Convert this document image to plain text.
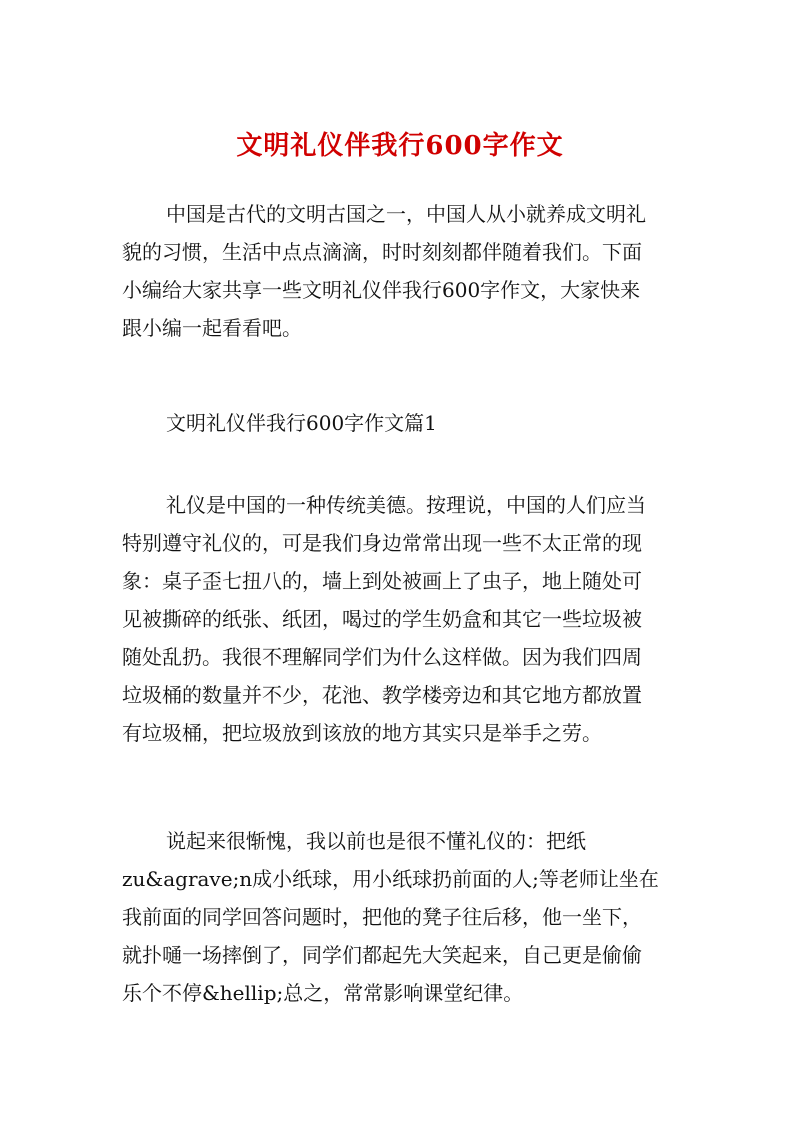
文明礼仪伴我行600字作文
中国是古代的文明古国之一，中国人从小就养成文明礼
貌的习惯，生活中点点滴滴，时时刻刻都伴随着我们。下面
小编给大家共享一些文明礼仪伴我行600字作文，大家快来
跟小编一起看看吧。
文明礼仪伴我行600字作文篇1
礼仪是中国的一种传统美德。按理说，中国的人们应当
特别遵守礼仪的，可是我们身边常常出现一些不太正常的现
象：桌子歪七扭八的，墙上到处被画上了虫子，地上随处可
见被撕碎的纸张、纸团，喝过的学生奶盒和其它一些垃圾被
随处乱扔。我很不理解同学们为什么这样做。因为我们四周
垃圾桶的数量并不少，花池、教学楼旁边和其它地方都放置
有垃圾桶，把垃圾放到该放的地方其实只是举手之劳。
说起来很惭愧，我以前也是很不懂礼仪的：把纸
zu&agrave;n成小纸球，用小纸球扔前面的人;等老师让坐在
我前面的同学回答问题时，把他的凳子往后移，他一坐下，
就扑嗵一场摔倒了，同学们都起先大笑起来，自己更是偷偷
乐个不停&hellip;总之，常常影响课堂纪律。
